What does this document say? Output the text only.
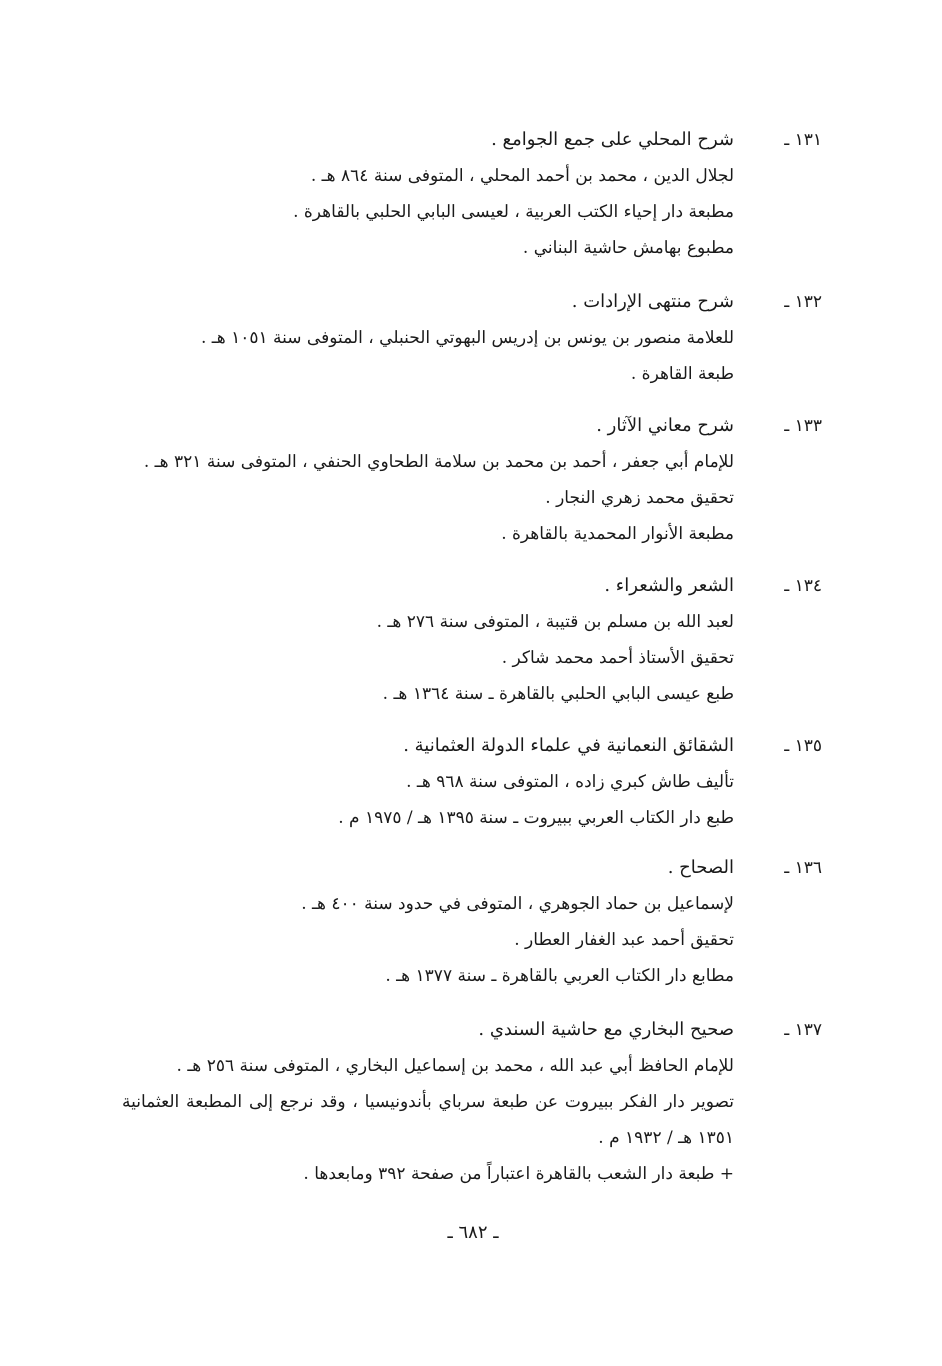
١٣١ ـ
شرح المحلي على جمع الجوامع .
لجلال الدين ، محمد بن أحمد المحلي ، المتوفى سنة ٨٦٤ هـ .
مطبعة دار إحياء الكتب العربية ، لعيسى البابي الحلبي بالقاهرة .
مطبوع بهامش حاشية البناني .
١٣٢ ـ
شرح منتهى الإرادات .
للعلامة منصور بن يونس بن إدريس البهوتي الحنبلي ، المتوفى سنة ١٠٥١ هـ .
طبعة القاهرة .
١٣٣ ـ
شرح معاني الآثار .
للإمام أبي جعفر ، أحمد بن محمد بن سلامة الطحاوي الحنفي ، المتوفى سنة ٣٢١ هـ .
تحقيق محمد زهري النجار .
مطبعة الأنوار المحمدية بالقاهرة .
١٣٤ ـ
الشعر والشعراء .
لعبد الله بن مسلم بن قتيبة ، المتوفى سنة ٢٧٦ هـ .
تحقيق الأستاذ أحمد محمد شاكر .
طبع عيسى البابي الحلبي بالقاهرة ـ سنة ١٣٦٤ هـ .
١٣٥ ـ
الشقائق النعمانية في علماء الدولة العثمانية .
تأليف طاش كبري زاده ، المتوفى سنة ٩٦٨ هـ .
طبع دار الكتاب العربي ببيروت ـ سنة ١٣٩٥ هـ / ١٩٧٥ م .
١٣٦ ـ
الصحاح .
لإسماعيل بن حماد الجوهري ، المتوفى في حدود سنة ٤٠٠ هـ .
تحقيق أحمد عبد الغفار العطار .
مطابع دار الكتاب العربي بالقاهرة ـ سنة ١٣٧٧ هـ .
١٣٧ ـ
صحيح البخاري مع حاشية السندي .
للإمام الحافظ أبي عبد الله ، محمد بن إسماعيل البخاري ، المتوفى سنة ٢٥٦ هـ .
تصوير دار الفكر ببيروت عن طبعة سرباي بأندونيسيا ، وقد نرجع إلى المطبعة العثمانية
١٣٥١ هـ / ١٩٣٢ م .
+ طبعة دار الشعب بالقاهرة اعتباراً من صفحة ٣٩٢ ومابعدها .
ـ ٦٨٢ ـ
